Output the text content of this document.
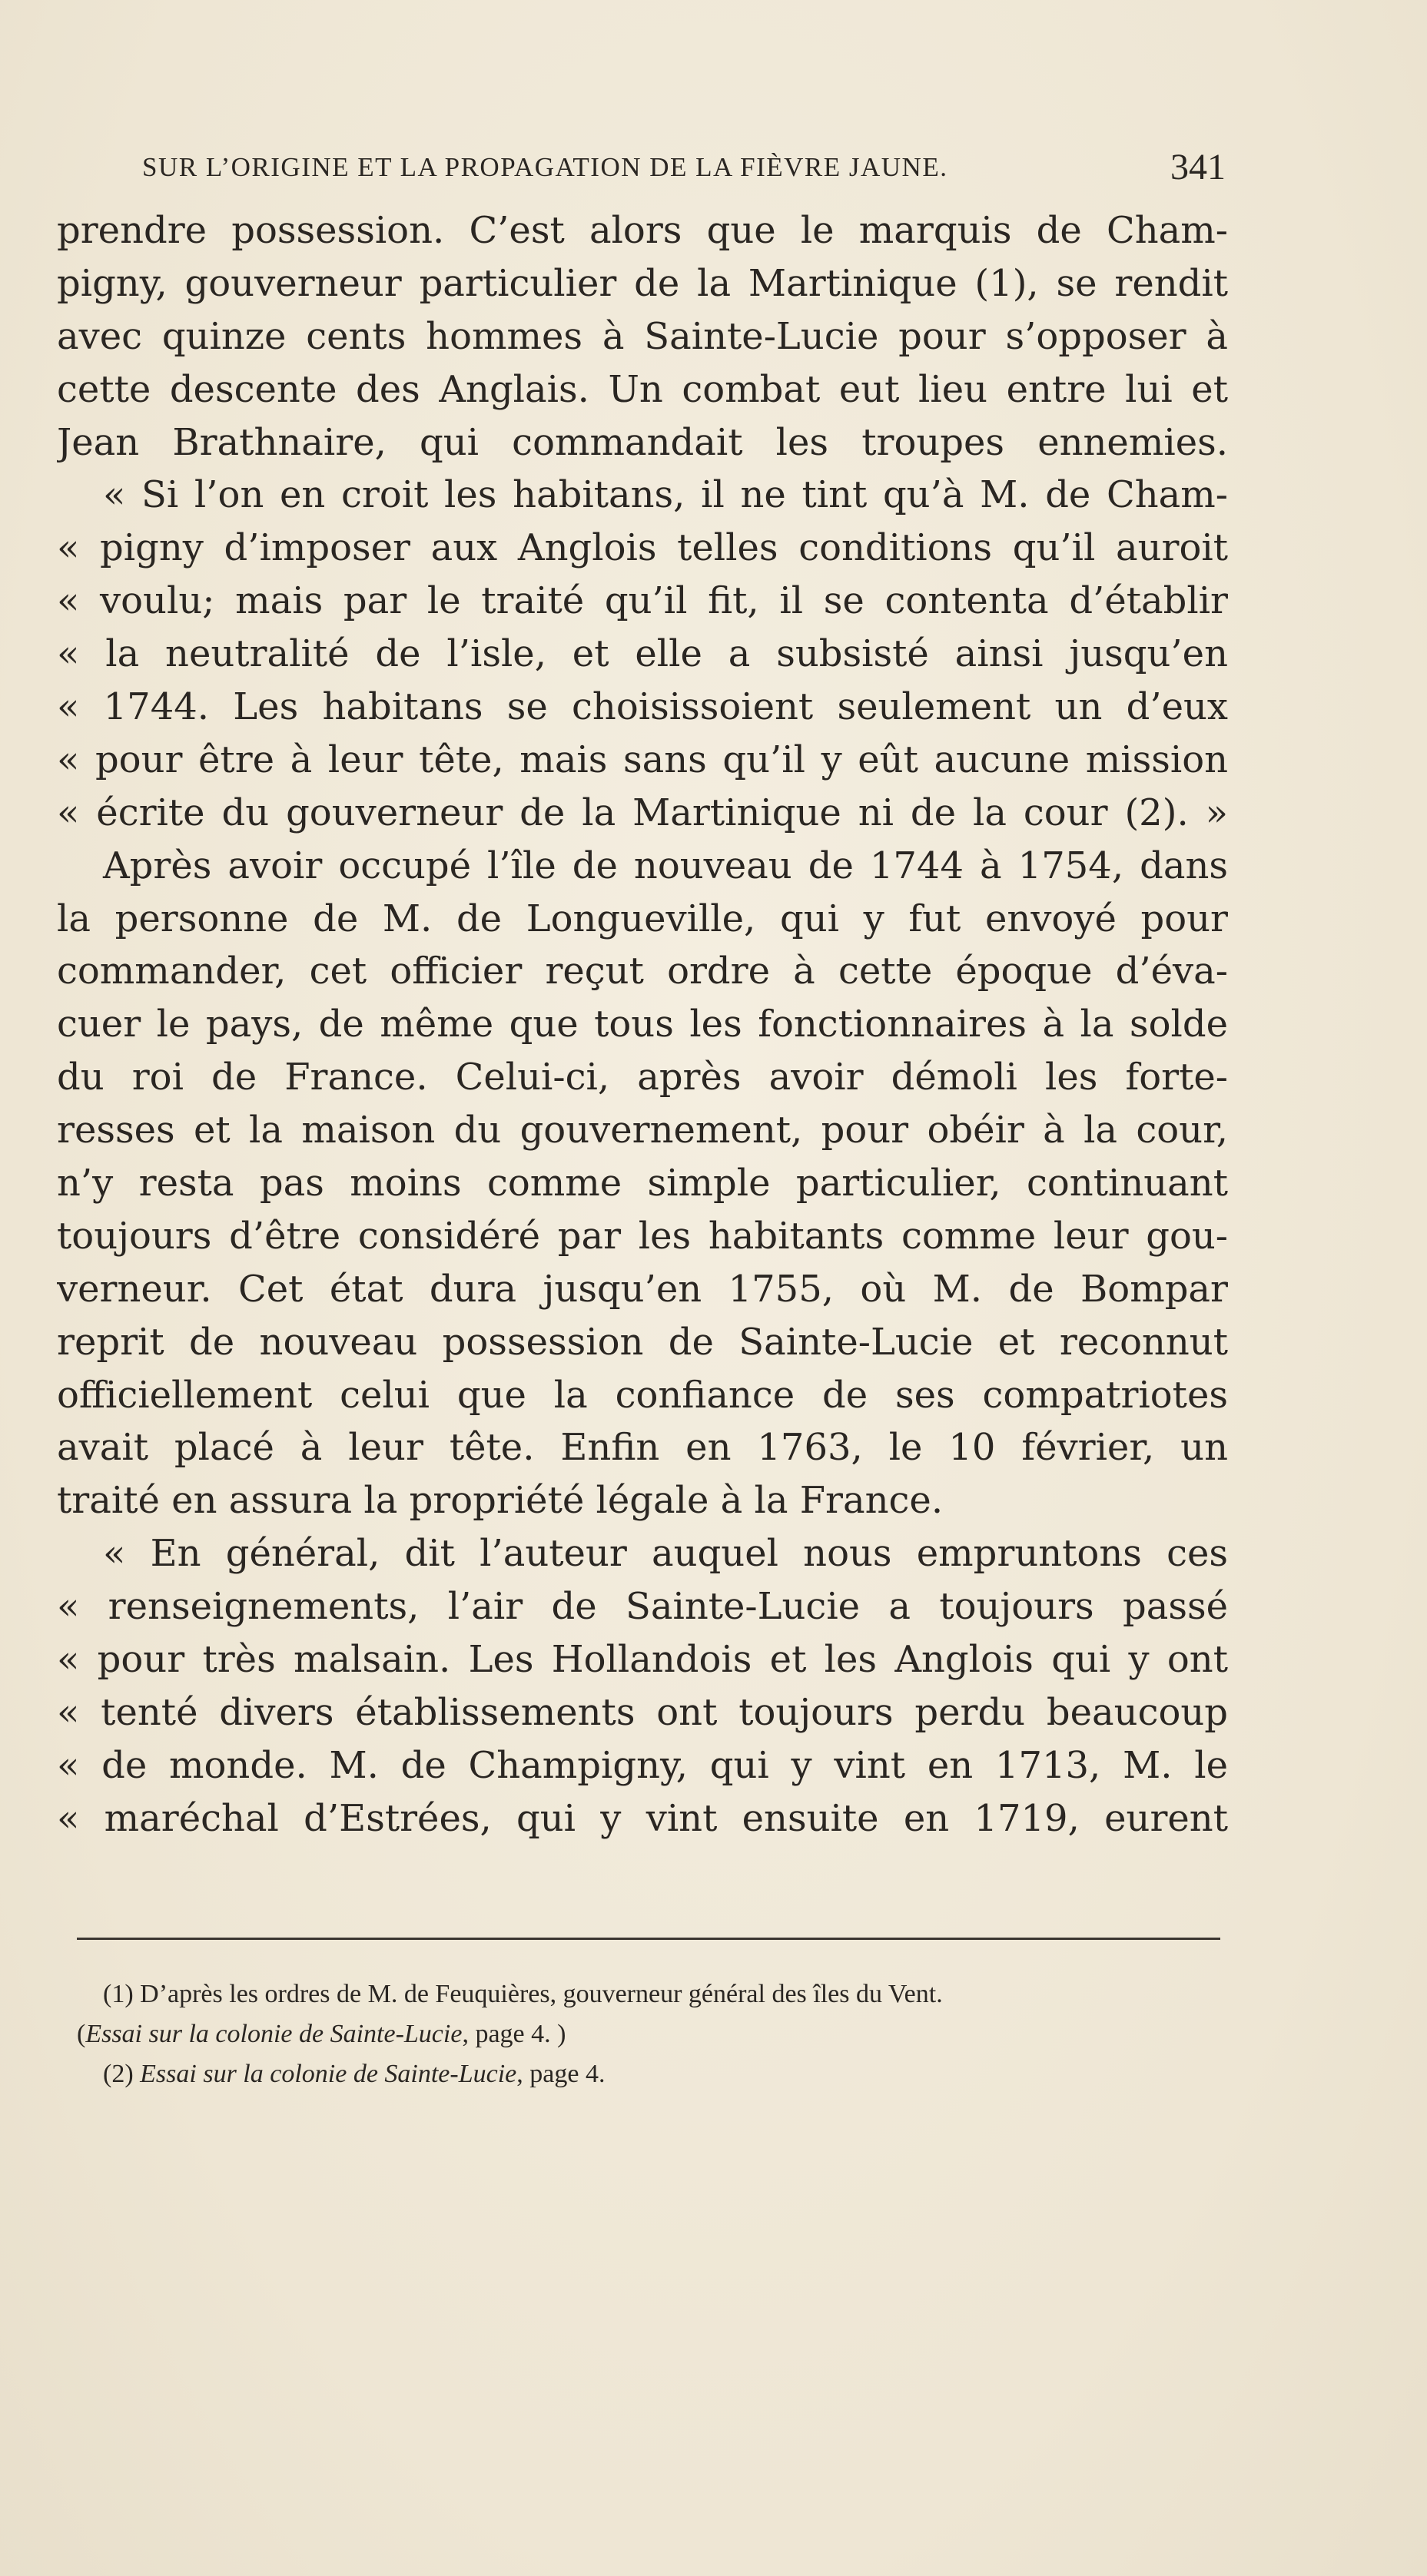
SUR L’ORIGINE ET LA PROPAGATION DE LA FIÈVRE JAUNE.	341
prendre possession. C’est alors que le marquis de Cham-
pigny, gouverneur particulier de la Martinique (1), se rendit
avec quinze cents hommes à Sainte-Lucie pour s’opposer à
cette descente des Anglais. Un combat eut lieu entre lui et
Jean Brathnaire, qui commandait les troupes ennemies.
« Si l’on en croit les habitans, il ne tint qu’à M. de Cham-
« pigny d’imposer aux Anglois telles conditions qu’il auroit
« voulu; mais par le traité qu’il fit, il se contenta d’établir
« la neutralité de l’isle, et elle a subsisté ainsi jusqu’en
« 1744. Les habitans se choisissoient seulement un d’eux
« pour être à leur tête, mais sans qu’il y eût aucune mission
« écrite du gouverneur de la Martinique ni de la cour (2). »
Après avoir occupé l’île de nouveau de 1744 à 1754, dans
la personne de M. de Longueville, qui y fut envoyé pour
commander, cet officier reçut ordre à cette époque d’éva-
cuer le pays, de même que tous les fonctionnaires à la solde
du roi de France. Celui-ci, après avoir démoli les forte-
resses et la maison du gouvernement, pour obéir à la cour,
n’y resta pas moins comme simple particulier, continuant
toujours d’être considéré par les habitants comme leur gou-
verneur. Cet état dura jusqu’en 1755, où M. de Bompar
reprit de nouveau possession de Sainte-Lucie et reconnut
officiellement celui que la confiance de ses compatriotes
avait placé à leur tête. Enfin en 1763, le 10 février, un
traité en assura la propriété légale à la France.
« En général, dit l’auteur auquel nous empruntons ces
« renseignements, l’air de Sainte-Lucie a toujours passé
« pour très malsain. Les Hollandois et les Anglois qui y ont
« tenté divers établissements ont toujours perdu beaucoup
« de monde. M. de Champigny, qui y vint en 1713, M. le
« maréchal d’Estrées, qui y vint ensuite en 1719, eurent
(1) D’après les ordres de M. de Feuquières, gouverneur général des îles du Vent.
(Essai sur la colonie de Sainte-Lucie, page 4. )
(2) Essai sur la colonie de Sainte-Lucie, page 4.
